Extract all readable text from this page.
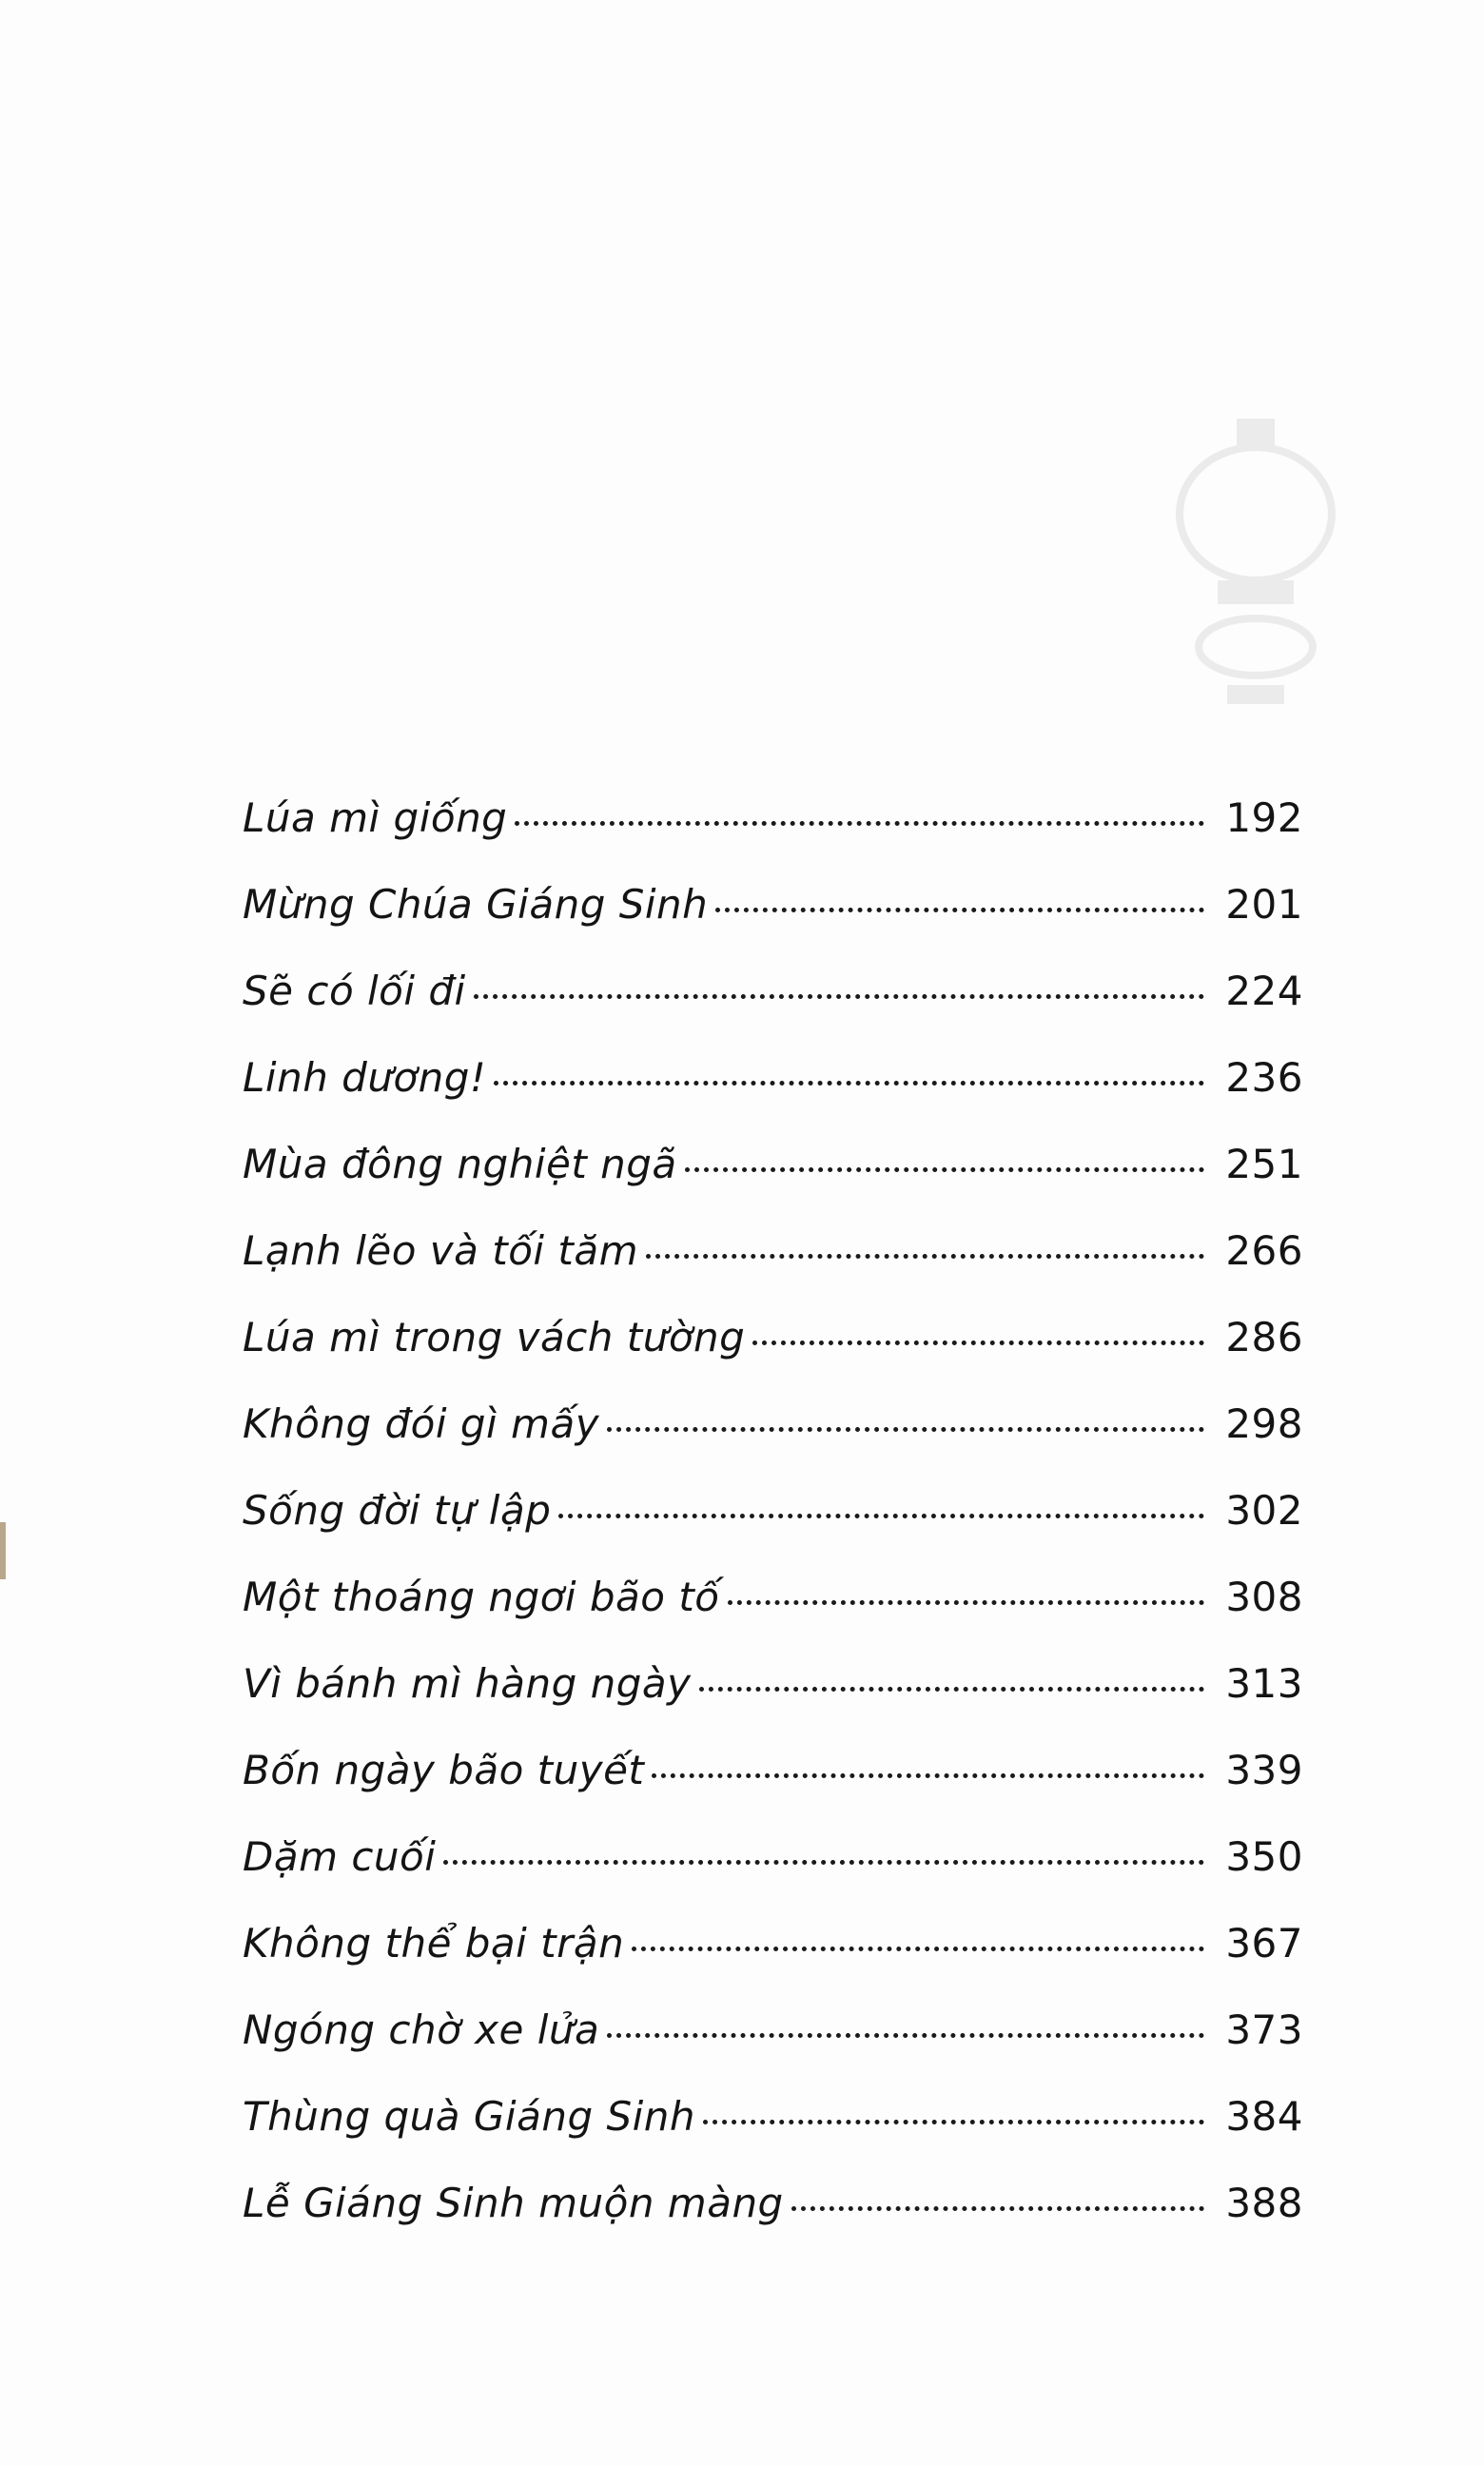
Lúa mì giống	192
Mừng Chúa Giáng Sinh	201
Sẽ có lối đi	224
Linh dương!	236
Mùa đông nghiệt ngã	251
Lạnh lẽo và tối tăm	266
Lúa mì trong vách tường	286
Không đói gì mấy	298
Sống đời tự lập	302
Một thoáng ngơi bão tố	308
Vì bánh mì hàng ngày	313
Bốn ngày bão tuyết	339
Dặm cuối	350
Không thể bại trận	367
Ngóng chờ xe lửa	373
Thùng quà Giáng Sinh	384
Lễ Giáng Sinh muộn màng	388
